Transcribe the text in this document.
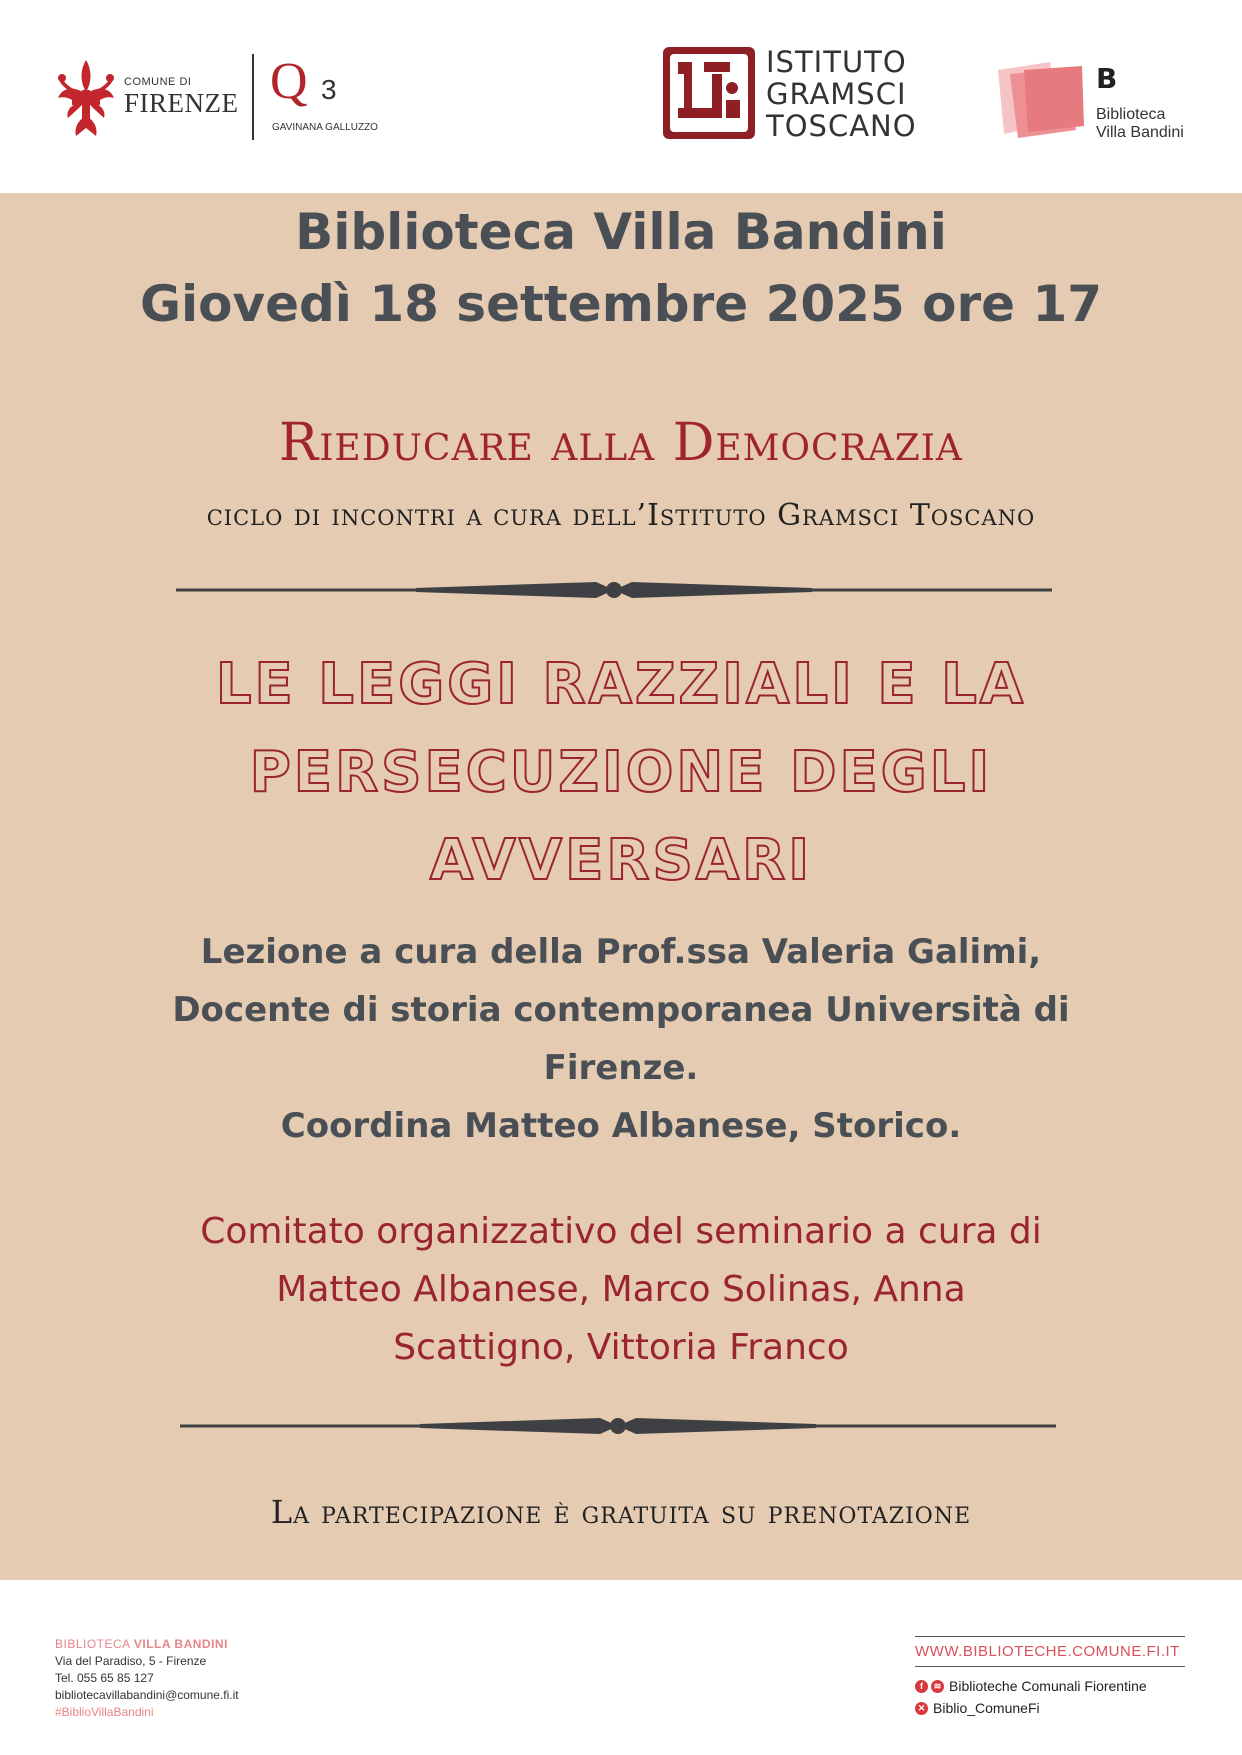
COMUNE DI
FIRENZE Q 3
GAVINANA GALLUZZO
ISTITUTO
GRAMSCI
TOSCANO
B
Biblioteca
Villa Bandini
Biblioteca Villa Bandini
Giovedì 18 settembre 2025 ore 17
Rieducare alla Democrazia
ciclo di incontri a cura dell’Istituto Gramsci Toscano
LE LEGGI RAZZIALI E LA PERSECUZIONE DEGLI AVVERSARI
Lezione a cura della Prof.ssa Valeria Galimi,
Docente di storia contemporanea Università di Firenze.
Coordina Matteo Albanese, Storico.
Comitato organizzativo del seminario a cura di Matteo Albanese, Marco Solinas, Anna Scattigno, Vittoria Franco
La partecipazione è gratuita su prenotazione
BIBLIOTECA VILLA BANDINI
Via del Paradiso, 5 - Firenze
Tel. 055 65 85 127
bibliotecavillabandini@comune.fi.it
#BiblioVillaBandini
WWW.BIBLIOTECHE.COMUNE.FI.IT
f	≋ Biblioteche Comunali Fiorentine
✕ Biblio_ComuneFi
